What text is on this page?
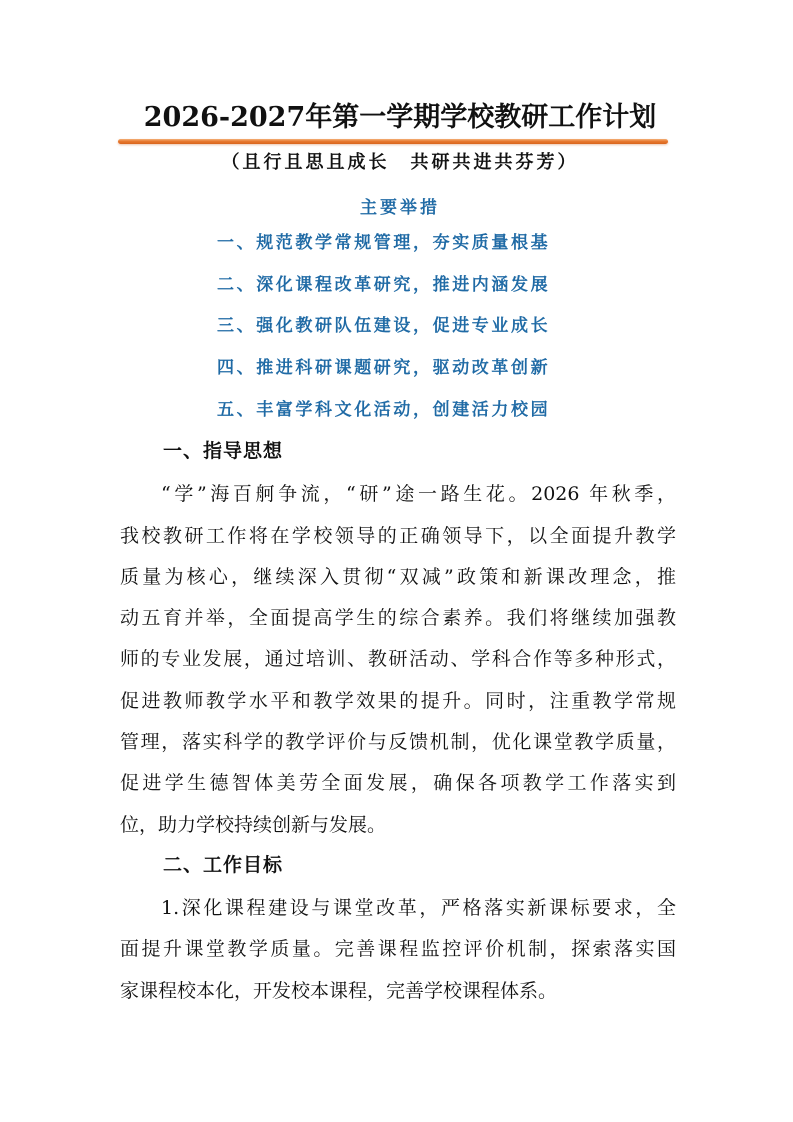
2026-2027年第一学期学校教研工作计划
（且行且思且成长　共研共进共芬芳）
主要举措
一、规范教学常规管理，夯实质量根基
二、深化课程改革研究，推进内涵发展
三、强化教研队伍建设，促进专业成长
四、推进科研课题研究，驱动改革创新
五、丰富学科文化活动，创建活力校园
一、指导思想
“学”海百舸争流，“研”途一路生花。2026 年秋季，
我校教研工作将在学校领导的正确领导下，以全面提升教学
质量为核心，继续深入贯彻“双减”政策和新课改理念，推
动五育并举，全面提高学生的综合素养。我们将继续加强教
师的专业发展，通过培训、教研活动、学科合作等多种形式，
促进教师教学水平和教学效果的提升。同时，注重教学常规
管理，落实科学的教学评价与反馈机制，优化课堂教学质量，
促进学生德智体美劳全面发展，确保各项教学工作落实到
位，助力学校持续创新与发展。
二、工作目标
1.深化课程建设与课堂改革，严格落实新课标要求，全
面提升课堂教学质量。完善课程监控评价机制，探索落实国
家课程校本化，开发校本课程，完善学校课程体系。
